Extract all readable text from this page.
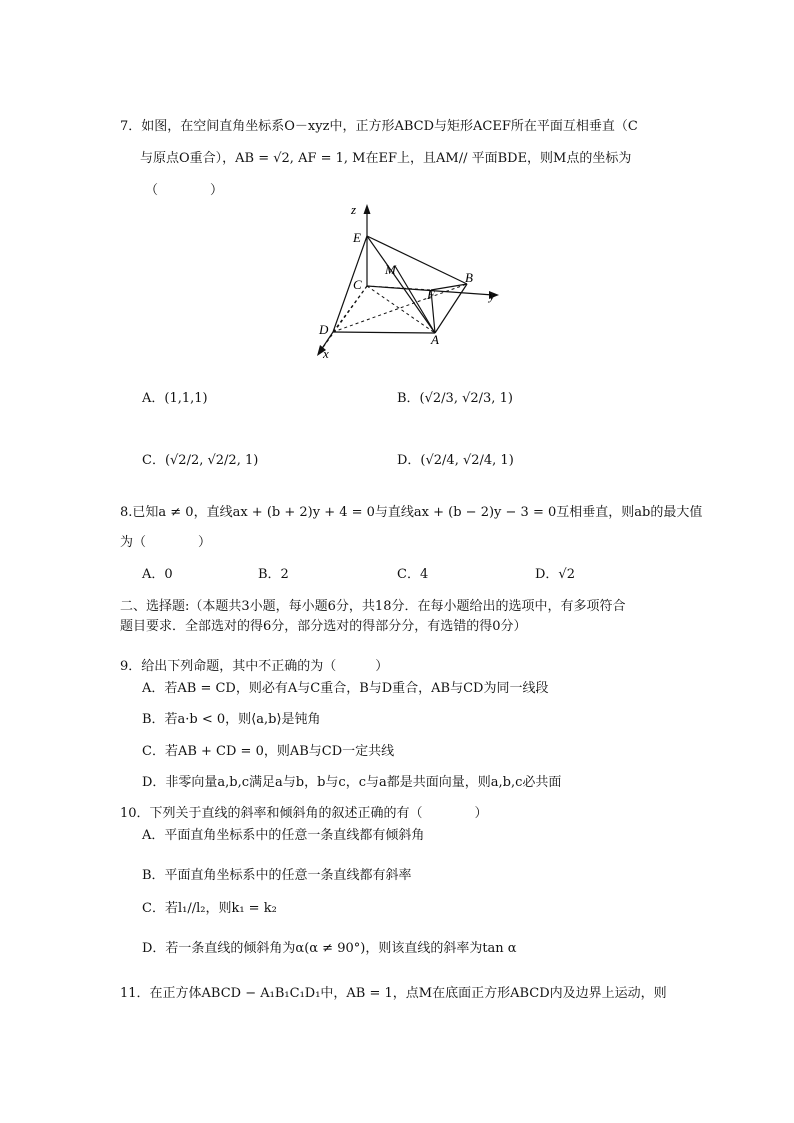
7．如图，在空间直角坐标系O－xyz中，正方形ABCD与矩形ACEF所在平面互相垂直（C
与原点O重合），AB = √2, AF = 1, M在EF上，且AM// 平面BDE，则M点的坐标为
（　　　　）
z
E
M
C
F
B
y
D
A
x
A．(1,1,1)	B．(√2/3, √2/3, 1)
C．(√2/2, √2/2, 1)	D．(√2/4, √2/4, 1)
8.已知a ≠ 0，直线ax + (b + 2)y + 4 = 0与直线ax + (b − 2)y − 3 = 0互相垂直，则ab的最大值
为（　　　　）
A．0	B．2	C．4	D．√2
二、选择题:（本题共3小题，每小题6分，共18分．在每小题给出的选项中，有多项符合
题目要求．全部选对的得6分，部分选对的得部分分，有选错的得0分）
9．给出下列命题，其中不正确的为（　　　）
A．若AB = CD，则必有A与C重合，B与D重合，AB与CD为同一线段
B．若a·b < 0，则⟨a,b⟩是钝角
C．若AB + CD = 0，则AB与CD一定共线
D．非零向量a,b,c满足a与b，b与c，c与a都是共面向量，则a,b,c必共面
10．下列关于直线的斜率和倾斜角的叙述正确的有（　　　　）
A．平面直角坐标系中的任意一条直线都有倾斜角
B．平面直角坐标系中的任意一条直线都有斜率
C．若l₁//l₂，则k₁ = k₂
D．若一条直线的倾斜角为α(α ≠ 90°)，则该直线的斜率为tan α
11．在正方体ABCD − A₁B₁C₁D₁中，AB = 1，点M在底面正方形ABCD内及边界上运动，则
